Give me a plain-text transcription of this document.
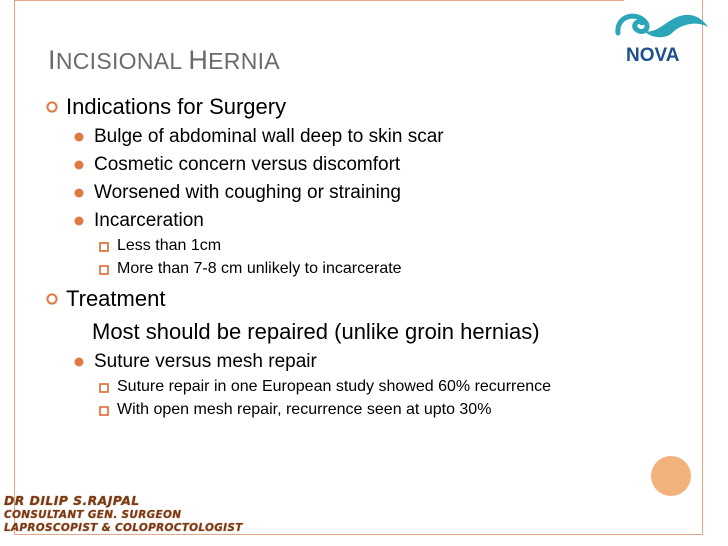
INCISIONAL HERNIA	NOVA
Indications for Surgery
Bulge of abdominal wall deep to skin scar
Cosmetic concern versus discomfort
Worsened with coughing or straining
Incarceration
Less than 1cm
More than 7-8 cm unlikely to incarcerate
Treatment
Most should be repaired (unlike groin hernias)
Suture versus mesh repair
Suture repair in one European study showed 60% recurrence
With open mesh repair, recurrence seen at upto 30%
DR DILIP S.RAJPAL
CONSULTANT GEN. SURGEON
LAPROSCOPIST & COLOPROCTOLOGIST
